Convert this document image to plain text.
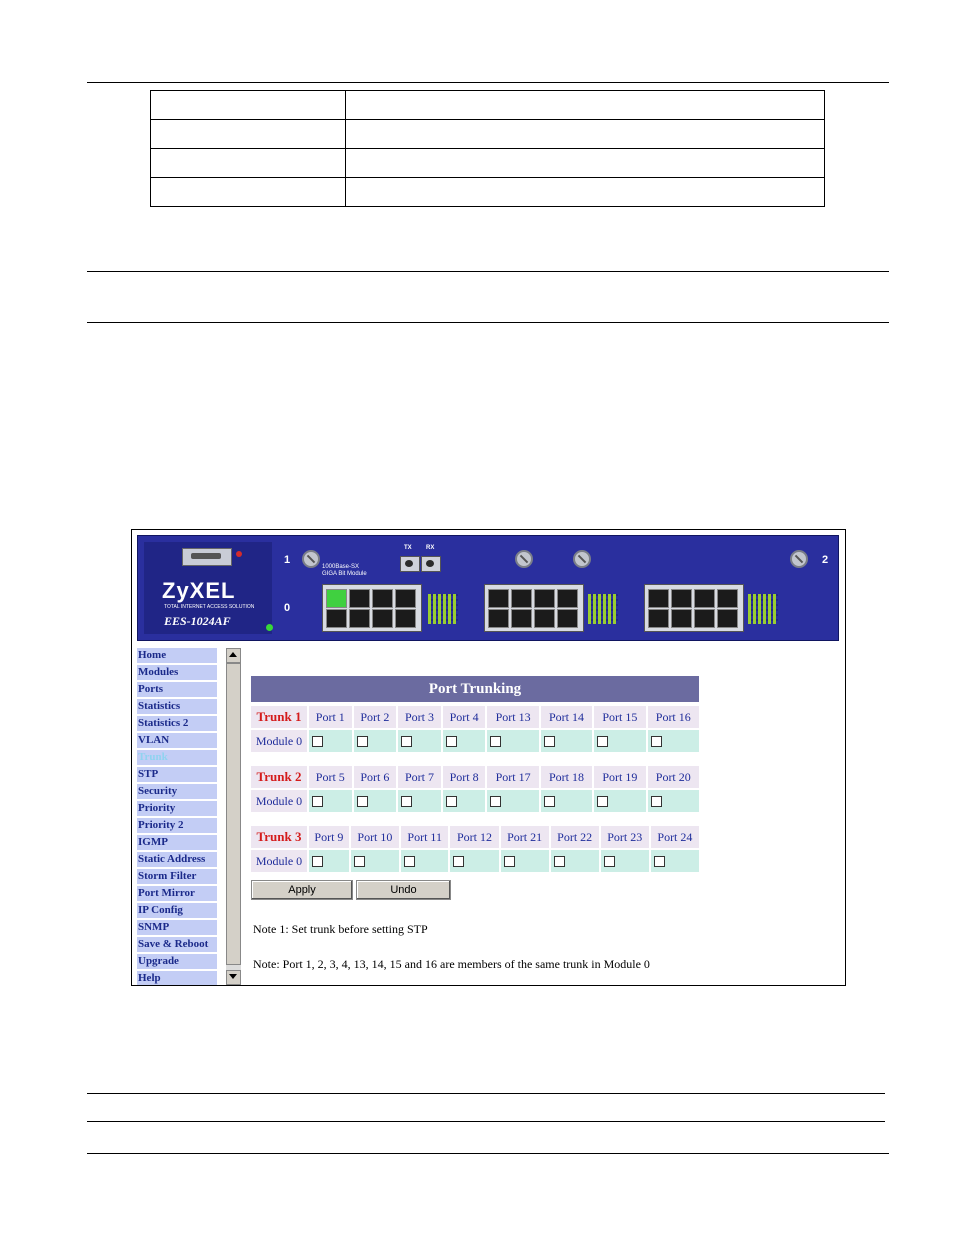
ZyXEL
TOTAL INTERNET ACCESS SOLUTION
EES-1024AF
1
0
2
1000Base-SX
GIGA Bit Module
TX RX
Home
Modules
Ports
Statistics
Statistics 2
VLAN
Trunk
STP
Security
Priority
Priority 2
IGMP
Static Address
Storm Filter
Port Mirror
IP Config
SNMP
Save & Reboot
Upgrade
Help
Port Trunking
Trunk 1	Port 1	Port 2	Port 3	Port 4	Port 13	Port 14	Port 15	Port 16
Module 0								
Trunk 2	Port 5	Port 6	Port 7	Port 8	Port 17	Port 18	Port 19	Port 20
Module 0								
Trunk 3	Port 9	Port 10	Port 11	Port 12	Port 21	Port 22	Port 23	Port 24
Module 0								
Apply	Undo
Note 1: Set trunk before setting STP
Note: Port 1, 2, 3, 4, 13, 14, 15 and 16 are members of the same trunk in Module 0
